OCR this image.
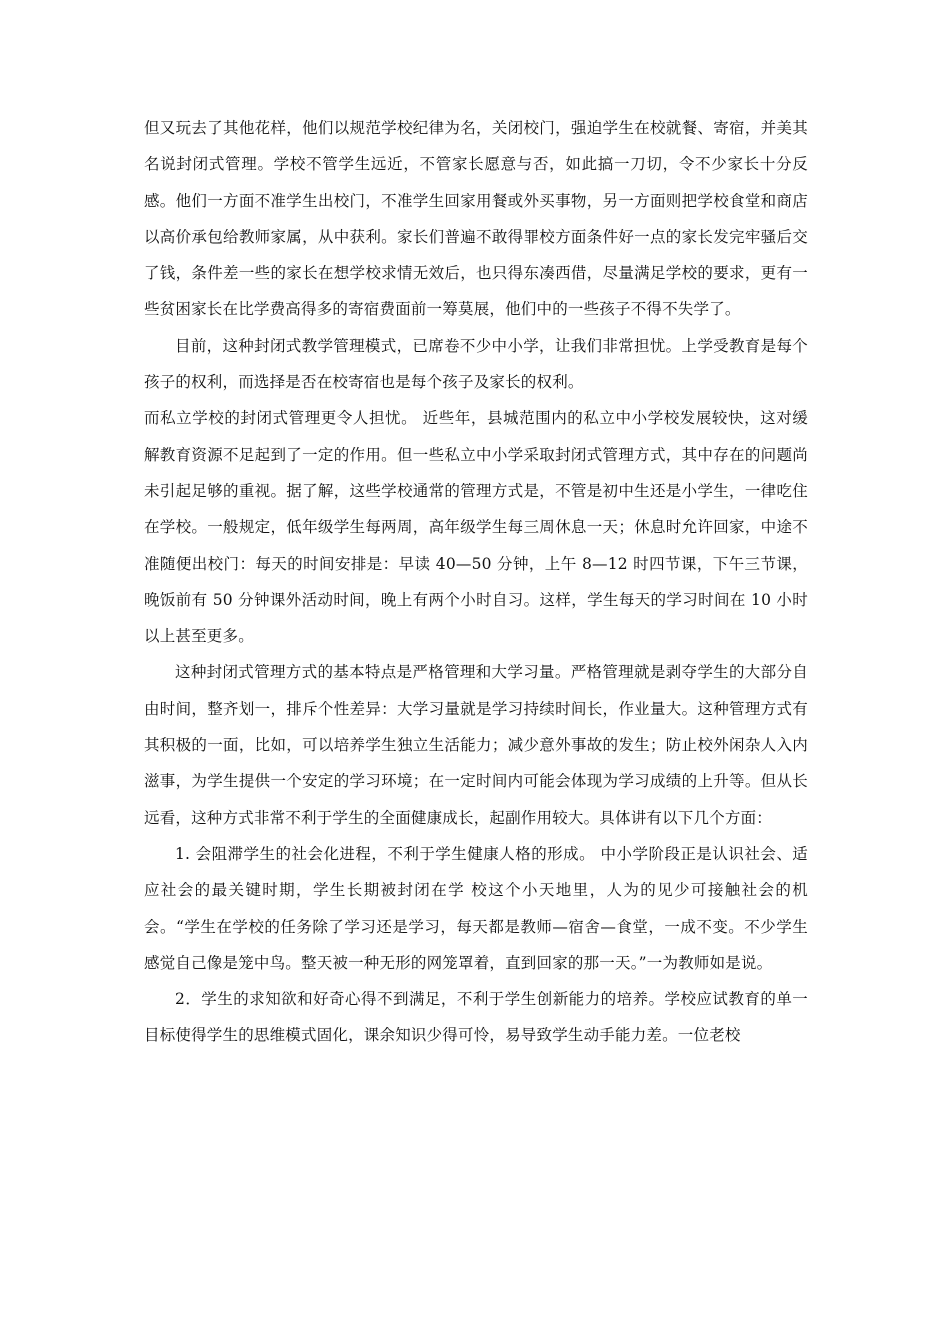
但又玩去了其他花样，他们以规范学校纪律为名，关闭校门，强迫学生在校就餐、寄宿，并美其名说封闭式管理。学校不管学生远近，不管家长愿意与否，如此搞一刀切，令不少家长十分反感。他们一方面不准学生出校门，不准学生回家用餐或外买事物，另一方面则把学校食堂和商店以高价承包给教师家属，从中获利。家长们普遍不敢得罪校方面条件好一点的家长发完牢骚后交了钱，条件差一些的家长在想学校求情无效后，也只得东凑西借，尽量满足学校的要求，更有一些贫困家长在比学费高得多的寄宿费面前一筹莫展，他们中的一些孩子不得不失学了。

目前，这种封闭式教学管理模式，已席卷不少中小学，让我们非常担忧。上学受教育是每个孩子的权利，而选择是否在校寄宿也是每个孩子及家长的权利。

而私立学校的封闭式管理更令人担忧。 近些年，县城范围内的私立中小学校发展较快，这对缓解教育资源不足起到了一定的作用。但一些私立中小学采取封闭式管理方式，其中存在的问题尚未引起足够的重视。据了解，这些学校通常的管理方式是，不管是初中生还是小学生，一律吃住在学校。一般规定，低年级学生每两周，高年级学生每三周休息一天；休息时允许回家，中途不准随便出校门：每天的时间安排是：早读 40—50 分钟，上午 8—12 时四节课，下午三节课，晚饭前有 50 分钟课外活动时间，晚上有两个小时自习。这样，学生每天的学习时间在 10 小时以上甚至更多。

这种封闭式管理方式的基本特点是严格管理和大学习量。严格管理就是剥夺学生的大部分自由时间，整齐划一，排斥个性差异：大学习量就是学习持续时间长，作业量大。这种管理方式有其积极的一面，比如，可以培养学生独立生活能力；减少意外事故的发生；防止校外闲杂人入内滋事，为学生提供一个安定的学习环境；在一定时间内可能会体现为学习成绩的上升等。但从长远看，这种方式非常不利于学生的全面健康成长，起副作用较大。具体讲有以下几个方面：

1. 会阻滞学生的社会化进程，不利于学生健康人格的形成。 中小学阶段正是认识社会、适应社会的最关键时期，学生长期被封闭在学 校这个小天地里，人为的见少可接触社会的机会。“学生在学校的任务除了学习还是学习，每天都是教师—宿舍—食堂，一成不变。不少学生感觉自己像是笼中鸟。整天被一种无形的网笼罩着，直到回家的那一天。”一为教师如是说。

2．学生的求知欲和好奇心得不到满足，不利于学生创新能力的培养。学校应试教育的单一目标使得学生的思维模式固化，课余知识少得可怜，易导致学生动手能力差。一位老校
